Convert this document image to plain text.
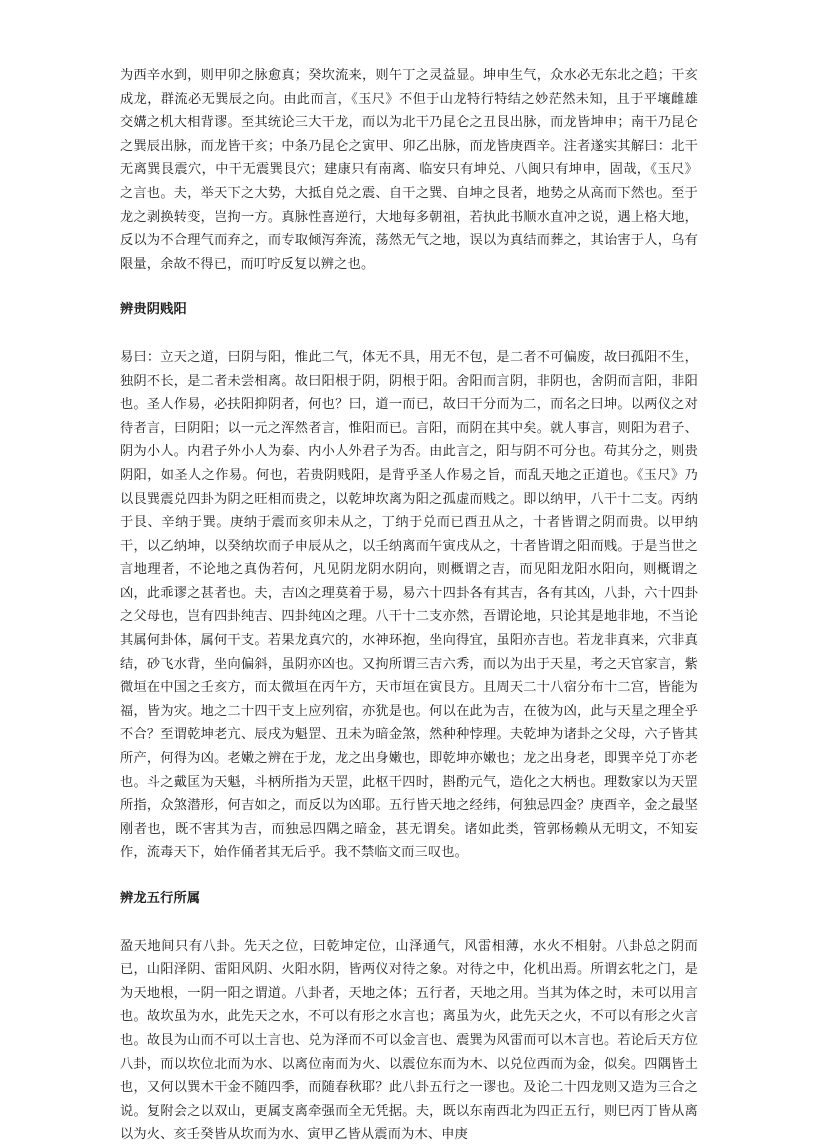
为西辛水到，则甲卯之脉愈真；癸坎流来，则午丁之灵益显。坤申生气，众水必无东北之趋；干亥成龙，群流必无巽辰之向。由此而言，《玉尺》不但于山龙特行特结之妙茫然未知，且于平壤雌雄交媾之机大相背谬。至其统论三大干龙，而以为北干乃昆仑之丑艮出脉，而龙皆坤申；南干乃昆仑之巽辰出脉，而龙皆干亥；中条乃昆仑之寅甲、卯乙出脉，而龙皆庚酉辛。注者遂实其解曰：北干无离巽艮震穴，中干无震巽艮穴；建康只有南离、临安只有坤兑、八闽只有坤申，固哉，《玉尺》之言也。夫，举天下之大势，大抵自兑之震、自干之巽、自坤之艮者，地势之从高而下然也。至于龙之剥换转变，岂拘一方。真脉性喜逆行，大地每多朝祖，若执此书顺水直冲之说，遇上格大地，反以为不合理气而弃之，而专取倾泻奔流，荡然无气之地，误以为真结而葬之，其诒害于人，乌有限量，余故不得已，而叮咛反复以辨之也。

辨贵阴贱阳

易曰：立天之道，曰阴与阳，惟此二气，体无不具，用无不包，是二者不可偏废，故曰孤阳不生，独阴不长，是二者未尝相离。故曰阳根于阴，阴根于阳。舍阳而言阴，非阴也，舍阴而言阳，非阳也。圣人作易，必扶阳抑阴者，何也？曰，道一而已，故曰干分而为二，而名之曰坤。以两仪之对待者言，曰阴阳；以一元之浑然者言，惟阳而已。言阳，而阴在其中矣。就人事言，则阳为君子、阴为小人。内君子外小人为泰、内小人外君子为否。由此言之，阳与阴不可分也。苟其分之，则贵阴阳，如圣人之作易。何也，若贵阴贱阳，是背乎圣人作易之旨，而乱天地之正道也。《玉尺》乃以艮巽震兑四卦为阴之旺相而贵之，以乾坤坎离为阳之孤虚而贱之。即以纳甲，八干十二支。丙纳于艮、辛纳于巽。庚纳于震而亥卯未从之，丁纳于兑而已酉丑从之，十者皆谓之阴而贵。以甲纳干，以乙纳坤，以癸纳坎而子申辰从之，以壬纳离而午寅戌从之，十者皆谓之阳而贱。于是当世之言地理者，不论地之真伪若何，凡见阴龙阴水阴向，则概谓之吉，而见阳龙阳水阳向，则概谓之凶，此乖谬之甚者也。夫，吉凶之理莫着于易，易六十四卦各有其吉，各有其凶，八卦，六十四卦之父母也，岂有四卦纯吉、四卦纯凶之理。八干十二支亦然，吾谓论地，只论其是地非地，不当论其属何卦体，属何干支。若果龙真穴的，水神环抱，坐向得宜，虽阳亦吉也。若龙非真来，穴非真结，砂飞水背，坐向偏斜，虽阴亦凶也。又拘所谓三吉六秀，而以为出于天星，考之天官家言，紫微垣在中国之壬亥方，而太微垣在丙午方，天市垣在寅艮方。且周天二十八宿分布十二宫，皆能为福，皆为灾。地之二十四干支上应列宿，亦犹是也。何以在此为吉，在彼为凶，此与天星之理全乎不合？至谓乾坤老亢、辰戌为魁罡、丑未为暗金煞，然种种悖理。夫乾坤为诸卦之父母，六子皆其所产，何得为凶。老嫩之辨在于龙，龙之出身嫩也，即乾坤亦嫩也；龙之出身老，即巽辛兑丁亦老也。斗之戴匡为天魁，斗柄所指为天罡，此枢干四时，斟酌元气，造化之大柄也。理数家以为天罡所指，众煞潜形，何吉如之，而反以为凶耶。五行皆天地之经纬，何独忌四金？庚酉辛，金之最坚刚者也，既不害其为吉，而独忌四隅之暗金，甚无谓矣。诸如此类，管郭杨赖从无明文，不知妄作，流毒天下，始作俑者其无后乎。我不禁临文而三叹也。

辨龙五行所属

盈天地间只有八卦。先天之位，曰乾坤定位，山泽通气，风雷相薄，水火不相射。八卦总之阴而已，山阳泽阴、雷阳风阴、火阳水阴，皆两仪对待之象。对待之中，化机出焉。所谓玄牝之门，是为天地根，一阴一阳之谓道。八卦者，天地之体；五行者，天地之用。当其为体之时，未可以用言也。故坎虽为水，此先天之水，不可以有形之水言也；离虽为火，此先天之火，不可以有形之火言也。故艮为山而不可以土言也、兑为泽而不可以金言也、震巽为风雷而可以木言也。若论后天方位八卦，而以坎位北而为水、以离位南而为火、以震位东而为木、以兑位西而为金，似矣。四隅皆土也，又何以巽木干金不随四季，而随春秋耶？此八卦五行之一谬也。及论二十四龙则又造为三合之说。复附会之以双山，更属支离牵强而全无凭据。夫，既以东南西北为四正五行，则巳丙丁皆从离以为火、亥壬癸皆从坎而为水、寅甲乙皆从震而为木、申庚
